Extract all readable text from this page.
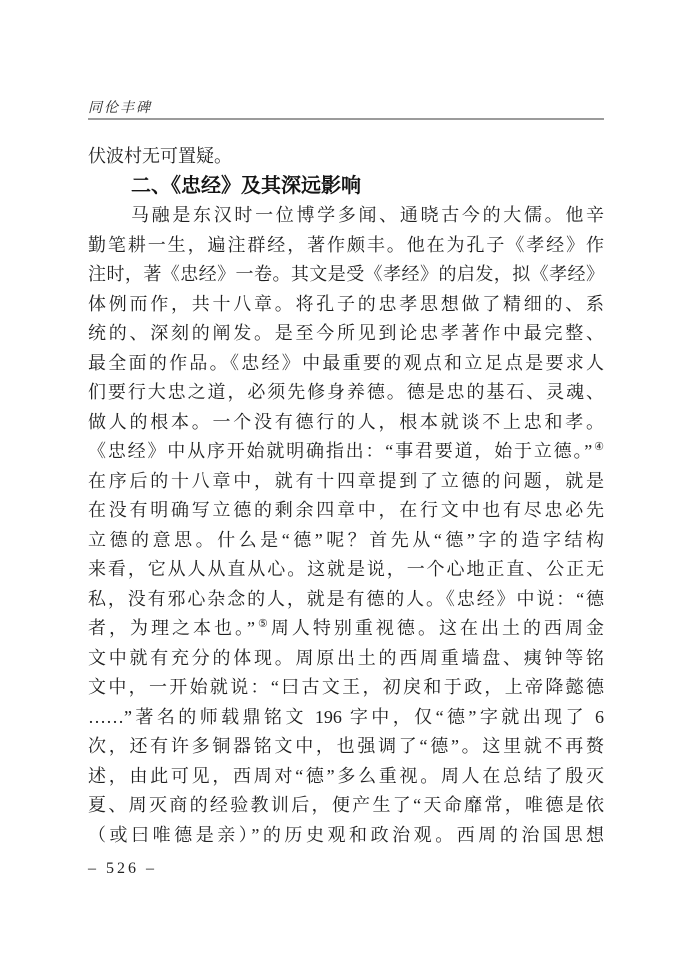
同伦丰碑
伏波村无可置疑。
二、《忠经》及其深远影响
马融是东汉时一位博学多闻、通晓古今的大儒。他辛
勤笔耕一生，遍注群经，著作颇丰。他在为孔子《孝经》作
注时，著《忠经》一卷。其文是受《孝经》的启发，拟《孝经》
体例而作，共十八章。将孔子的忠孝思想做了精细的、系
统的、深刻的阐发。是至今所见到论忠孝著作中最完整、
最全面的作品。《忠经》中最重要的观点和立足点是要求人
们要行大忠之道，必须先修身养德。德是忠的基石、灵魂、
做人的根本。一个没有德行的人，根本就谈不上忠和孝。
《忠经》中从序开始就明确指出：“事君要道，始于立德。”④
在序后的十八章中，就有十四章提到了立德的问题，就是
在没有明确写立德的剩余四章中，在行文中也有尽忠必先
立德的意思。什么是“德”呢？首先从“德”字的造字结构
来看，它从人从直从心。这就是说，一个心地正直、公正无
私，没有邪心杂念的人，就是有德的人。《忠经》中说：“德
者，为理之本也。”⑤周人特别重视德。这在出土的西周金
文中就有充分的体现。周原出土的西周重墙盘、痍钟等铭
文中，一开始就说：“曰古文王，初戾和于政，上帝降懿德
……”著名的师载鼎铭文 196 字中，仅“德”字就出现了 6
次，还有许多铜器铭文中，也强调了“德”。这里就不再赘
述，由此可见，西周对“德”多么重视。周人在总结了殷灭
夏、周灭商的经验教训后，便产生了“天命靡常，唯德是依
（或曰唯德是亲）”的历史观和政治观。西周的治国思想
– 526 –
